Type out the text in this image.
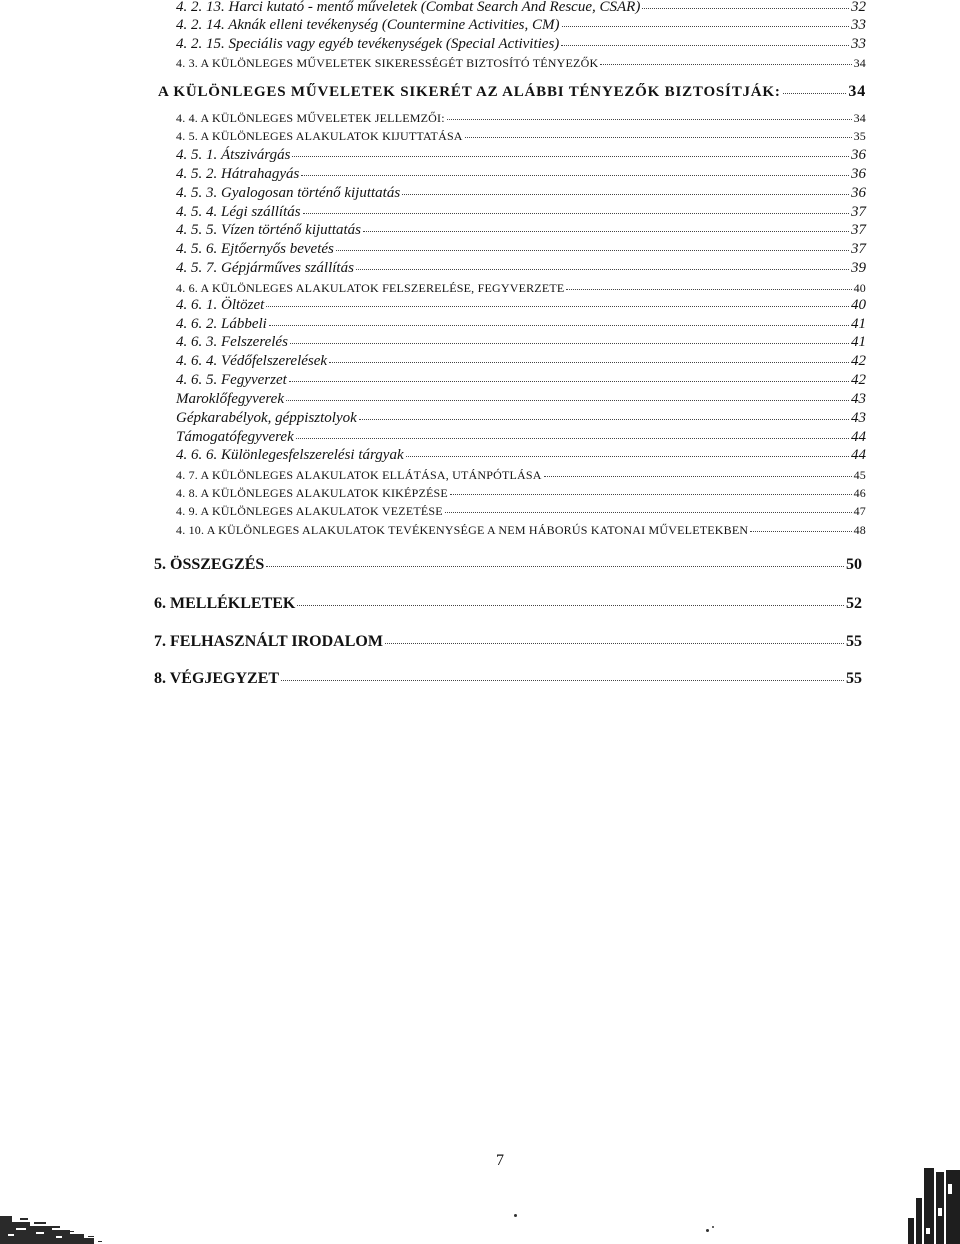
4. 2. 13. Harci kutató - mentő műveletek (Combat Search And Rescue, CSAR)	32
4. 2. 14. Aknák elleni tevékenység (Countermine Activities, CM)	33
4. 2. 15. Speciális vagy egyéb tevékenységek (Special Activities)	33
4. 3. A KÜLÖNLEGES MŰVELETEK SIKERESSÉGÉT BIZTOSÍTÓ TÉNYEZŐK	34
A KÜLÖNLEGES MŰVELETEK SIKERÉT AZ ALÁBBI TÉNYEZŐK BIZTOSÍTJÁK:	34
4. 4. A KÜLÖNLEGES MŰVELETEK JELLEMZŐI:	34
4. 5. A KÜLÖNLEGES ALAKULATOK KIJUTTATÁSA	35
4. 5. 1. Átszivárgás	36
4. 5. 2. Hátrahagyás	36
4. 5. 3. Gyalogosan történő kijuttatás	36
4. 5. 4. Légi szállítás	37
4. 5. 5. Vízen történő kijuttatás	37
4. 5. 6. Ejtőernyős bevetés	37
4. 5. 7. Gépjárműves szállítás	39
4. 6. A KÜLÖNLEGES ALAKULATOK FELSZERELÉSE, FEGYVERZETE	40
4. 6. 1. Öltözet	40
4. 6. 2. Lábbeli	41
4. 6. 3. Felszerelés	41
4. 6. 4. Védőfelszerelések	42
4. 6. 5. Fegyverzet	42
Maroklőfegyverek	43
Gépkarabélyok, géppisztolyok	43
Támogatófegyverek	44
4. 6. 6. Különlegesfelszerelési tárgyak	44
4. 7. A KÜLÖNLEGES ALAKULATOK ELLÁTÁSA, UTÁNPÓTLÁSA	45
4. 8. A KÜLÖNLEGES ALAKULATOK KIKÉPZÉSE	46
4. 9. A KÜLÖNLEGES ALAKULATOK VEZETÉSE	47
4. 10. A KÜLÖNLEGES ALAKULATOK TEVÉKENYSÉGE A NEM HÁBORÚS KATONAI MŰVELETEKBEN	48
5. ÖSSZEGZÉS	50
6. MELLÉKLETEK	52
7. FELHASZNÁLT IRODALOM	55
8. VÉGJEGYZET	55
7
